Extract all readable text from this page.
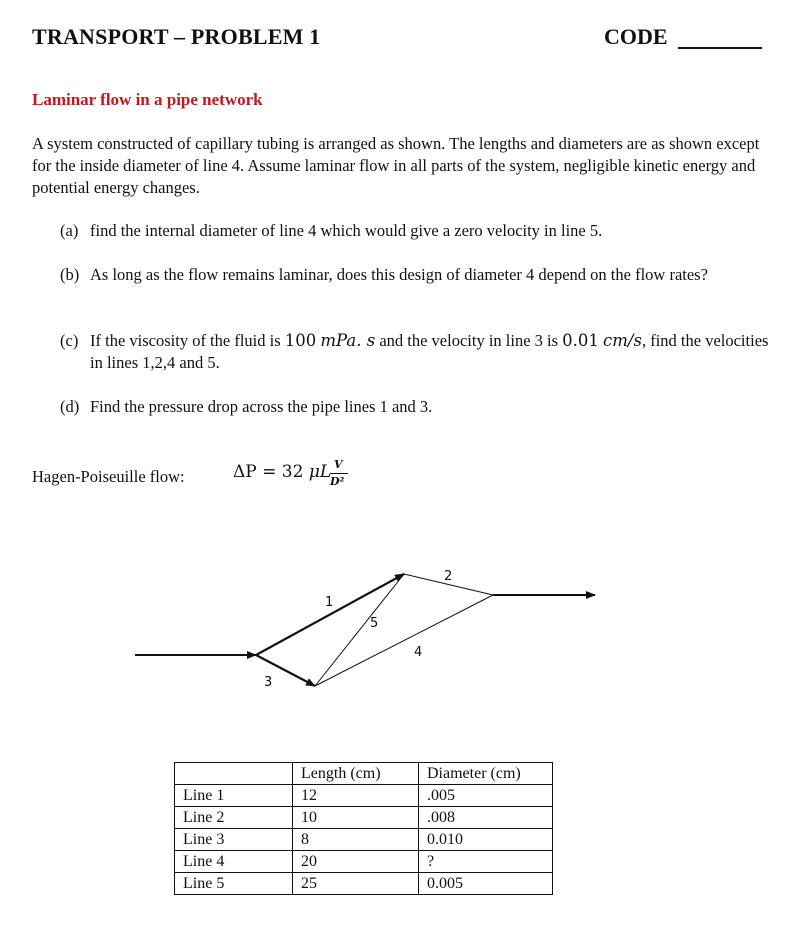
TRANSPORT – PROBLEM 1	CODE
Laminar flow in a pipe network
A system constructed of capillary tubing is arranged as shown. The lengths and diameters are as shown except for the inside diameter of line 4. Assume laminar flow in all parts of the system, negligible kinetic energy and potential energy changes.
(a) find the internal diameter of line 4 which would give a zero velocity in line 5.
(b) As long as the flow remains laminar, does this design of diameter 4 depend on the flow rates?
(c) If the viscosity of the fluid is 100 mPa. s and the velocity in line 3 is 0.01 cm/s, find the velocities in lines 1,2,4 and 5.
(d) Find the pressure drop across the pipe lines 1 and 3.
Hagen-Poiseuille flow:	ΔP = 32 μL V
D²
1
2
3
4
5
	Length (cm)	Diameter (cm)
Line 1	12	.005
Line 2	10	.008
Line 3	8	0.010
Line 4	20	?
Line 5	25	0.005
